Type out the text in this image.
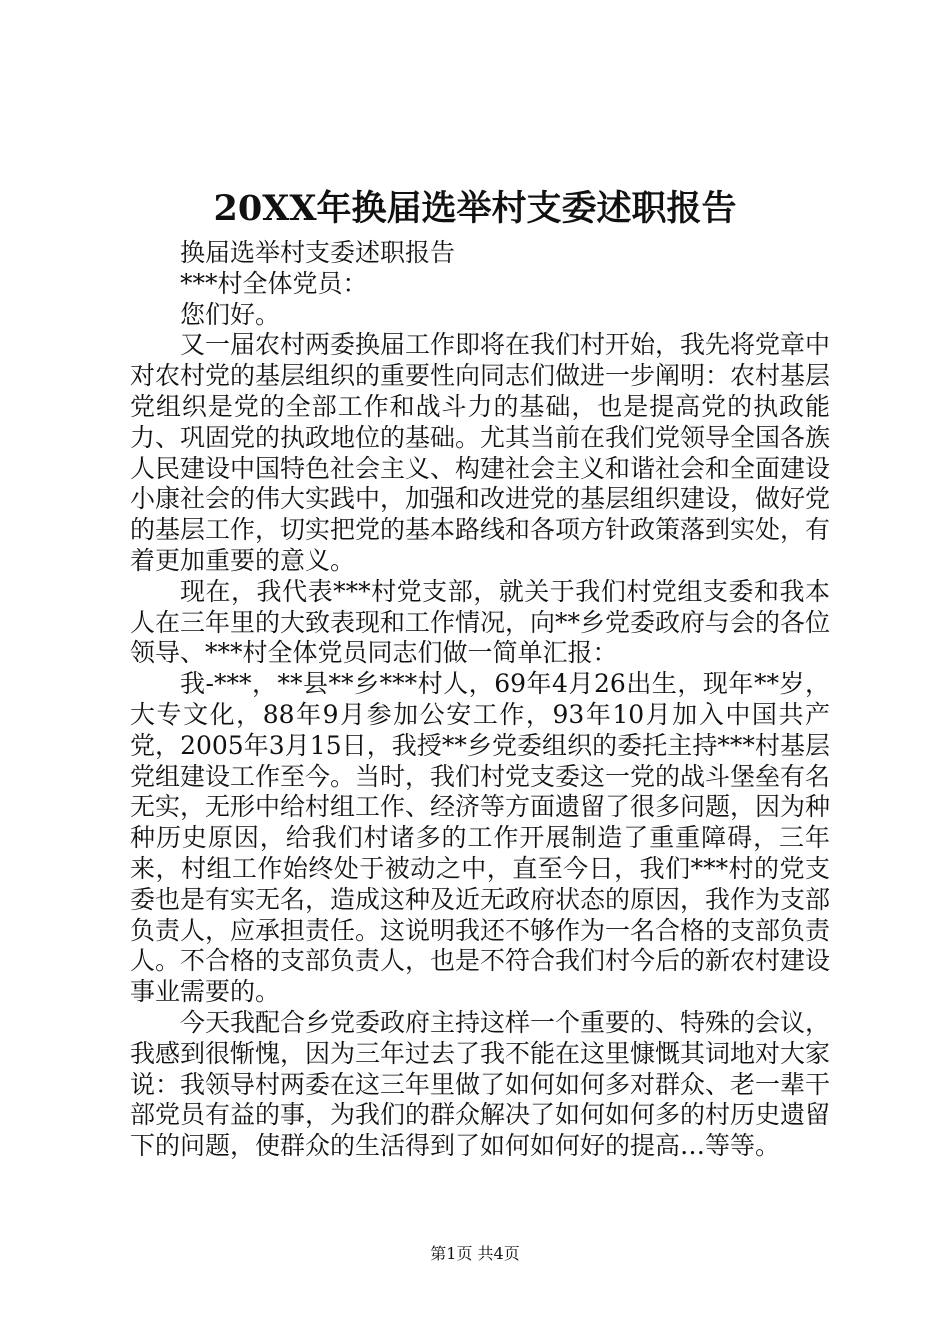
20XX年换届选举村支委述职报告

换届选举村支委述职报告

***村全体党员：

您们好。

又一届农村两委换届工作即将在我们村开始，我先将党章中对农村党的基层组织的重要性向同志们做进一步阐明：农村基层党组织是党的全部工作和战斗力的基础，也是提高党的执政能力、巩固党的执政地位的基础。尤其当前在我们党领导全国各族人民建设中国特色社会主义、构建社会主义和谐社会和全面建设小康社会的伟大实践中，加强和改进党的基层组织建设，做好党的基层工作，切实把党的基本路线和各项方针政策落到实处，有着更加重要的意义。

现在，我代表***村党支部，就关于我们村党组支委和我本人在三年里的大致表现和工作情况，向**乡党委政府与会的各位领导、***村全体党员同志们做一简单汇报：

我-***，**县**乡***村人，69年4月26出生，现年**岁，大专文化，88年9月参加公安工作，93年10月加入中国共产党，2005年3月15日，我授**乡党委组织的委托主持***村基层党组建设工作至今。当时，我们村党支委这一党的战斗堡垒有名无实，无形中给村组工作、经济等方面遗留了很多问题，因为种种历史原因，给我们村诸多的工作开展制造了重重障碍，三年来，村组工作始终处于被动之中，直至今日，我们***村的党支委也是有实无名，造成这种及近无政府状态的原因，我作为支部负责人，应承担责任。这说明我还不够作为一名合格的支部负责人。不合格的支部负责人，也是不符合我们村今后的新农村建设事业需要的。

今天我配合乡党委政府主持这样一个重要的、特殊的会议，我感到很惭愧，因为三年过去了我不能在这里慷慨其词地对大家说：我领导村两委在这三年里做了如何如何多对群众、老一辈干部党员有益的事，为我们的群众解决了如何如何多的村历史遗留下的问题，使群众的生活得到了如何如何好的提高…等等。

第1页 共4页
